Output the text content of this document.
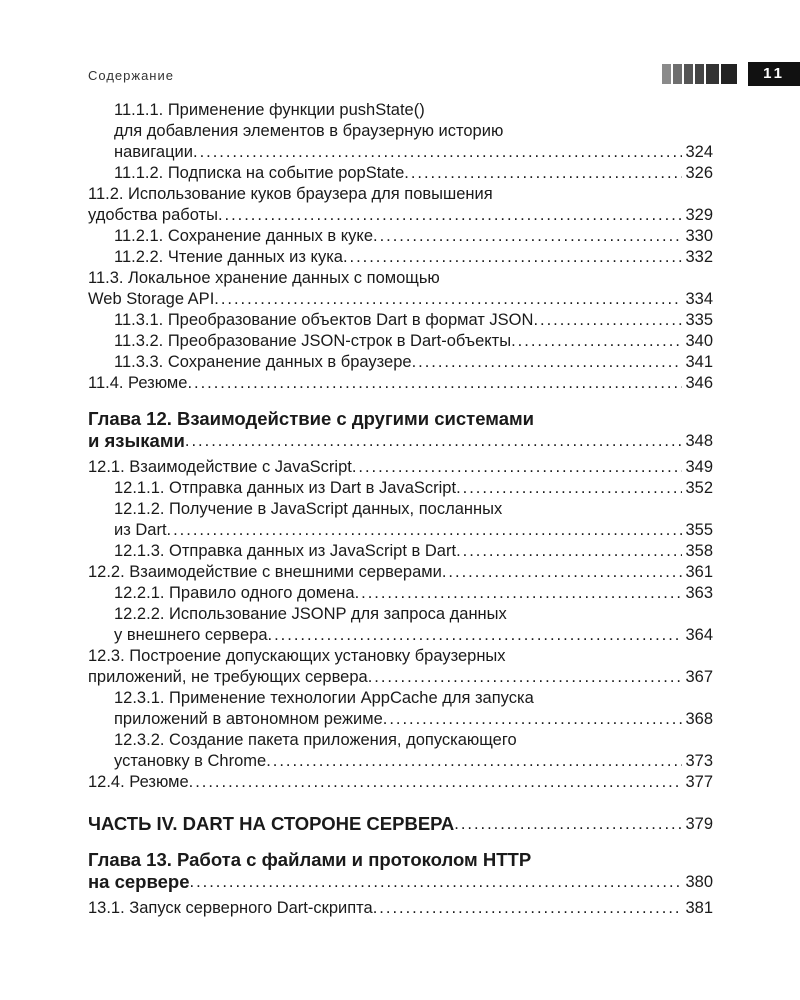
Содержание	11
11.1.1. Применение функции pushState()
для добавления элементов в браузерную историю
навигации . . .	324
11.1.2. Подписка на событие popState . . .	326
11.2. Использование куков браузера для повышения
удобства работы . . .	329
11.2.1. Сохранение данных в куке . . .	330
11.2.2. Чтение данных из кука . . .	332
11.3. Локальное хранение данных с помощью
Web Storage API . . .	334
11.3.1. Преобразование объектов Dart в формат JSON . . .	335
11.3.2. Преобразование JSON-строк в Dart-объекты . . .	340
11.3.3. Сохранение данных в браузере . . .	341
11.4. Резюме . . .	346
Глава 12. Взаимодействие с другими системами
и языками . . .	348
12.1. Взаимодействие с JavaScript . . .	349
12.1.1. Отправка данных из Dart в JavaScript . . .	352
12.1.2. Получение в JavaScript данных, посланных
из Dart . . .	355
12.1.3. Отправка данных из JavaScript в Dart . . .	358
12.2. Взаимодействие с внешними серверами . . .	361
12.2.1. Правило одного домена . . .	363
12.2.2. Использование JSONP для запроса данных
у внешнего сервера . . .	364
12.3. Построение допускающих установку браузерных
приложений, не требующих сервера . . .	367
12.3.1. Применение технологии AppCache для запуска
приложений в автономном режиме . . .	368
12.3.2. Создание пакета приложения, допускающего
установку в Chrome . . .	373
12.4. Резюме . . .	377
ЧАСТЬ IV. DART НА СТОРОНЕ СЕРВЕРА . . .	379
Глава 13. Работа с файлами и протоколом HTTP
на сервере . . .	380
13.1. Запуск серверного Dart-скрипта . . .	381
